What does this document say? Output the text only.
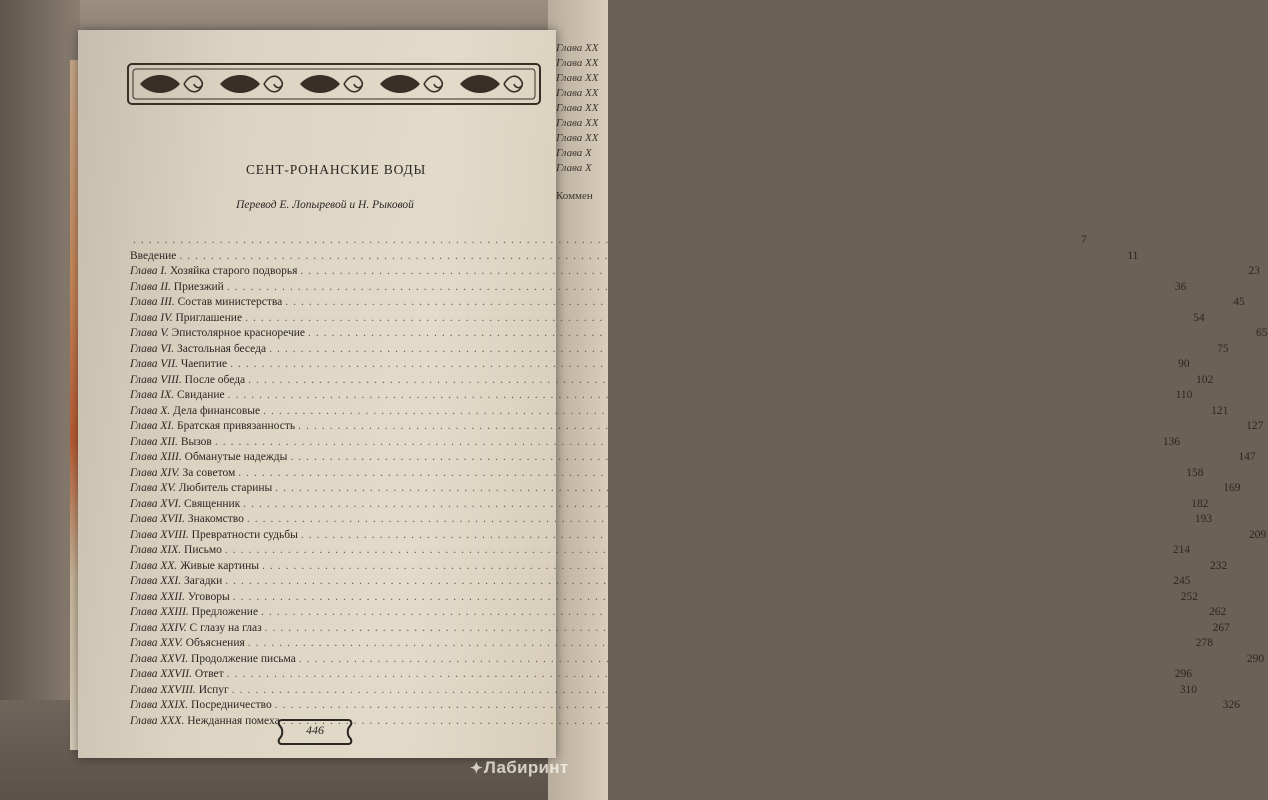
Глава ХХ
Глава ХХ
Глава ХХ
Глава ХХ
Глава ХХ
Глава ХХ
Глава ХХ
Глава Х
Глава Х
Коммен
СЕНТ-РОНАНСКИЕ ВОДЫ
Перевод Е. Лопыревой и Н. Рыковой
........................................................................................................................ 7
Введение ........................................................................................................................ 11
Глава I. Хозяйка старого подворья ........................................................................................................................ 23
Глава II. Приезжий ........................................................................................................................ 36
Глава III. Состав министерства ........................................................................................................................ 45
Глава IV. Приглашение ........................................................................................................................ 54
Глава V. Эпистолярное красноречие ........................................................................................................................ 65
Глава VI. Застольная беседа ........................................................................................................................ 75
Глава VII. Чаепитие ........................................................................................................................ 90
Глава VIII. После обеда ........................................................................................................................ 102
Глава IX. Свидание ........................................................................................................................ 110
Глава X. Дела финансовые ........................................................................................................................ 121
Глава XI. Братская привязанность ........................................................................................................................ 127
Глава XII. Вызов ........................................................................................................................ 136
Глава XIII. Обманутые надежды ........................................................................................................................ 147
Глава XIV. За советом ........................................................................................................................ 158
Глава XV. Любитель старины ........................................................................................................................ 169
Глава XVI. Священник ........................................................................................................................ 182
Глава XVII. Знакомство ........................................................................................................................ 193
Глава XVIII. Превратности судьбы ........................................................................................................................ 209
Глава XIX. Письмо ........................................................................................................................ 214
Глава XX. Живые картины ........................................................................................................................ 232
Глава XXI. Загадки ........................................................................................................................ 245
Глава XXII. Уговоры ........................................................................................................................ 252
Глава XXIII. Предложение ........................................................................................................................ 262
Глава XXIV. С глазу на глаз ........................................................................................................................ 267
Глава XXV. Объяснения ........................................................................................................................ 278
Глава XXVI. Продолжение письма ........................................................................................................................ 290
Глава XXVII. Ответ ........................................................................................................................ 296
Глава XXVIII. Испуг ........................................................................................................................ 310
Глава XXIX. Посредничество ........................................................................................................................ 326
Глава XXX. Нежданная помеха ........................................................................................................................
446
✦Лабиринт
